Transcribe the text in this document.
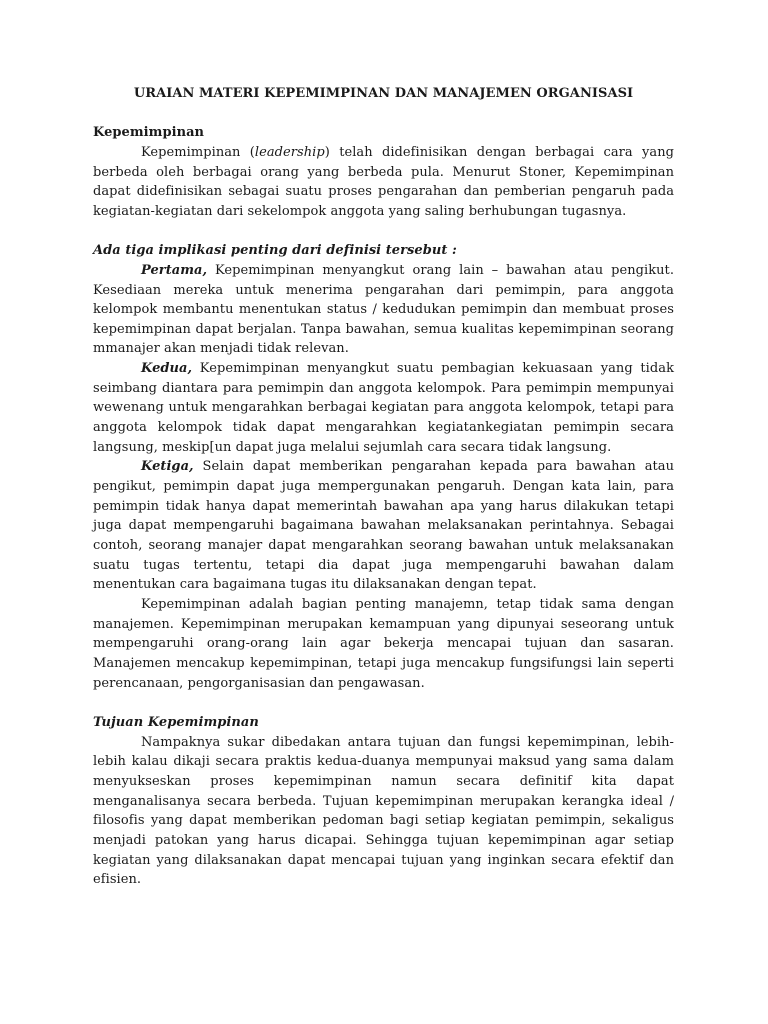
URAIAN MATERI KEPEMIMPINAN DAN MANAJEMEN ORGANISASI
Kepemimpinan

Kepemimpinan (leadership) telah didefinisikan dengan berbagai cara yang berbeda oleh berbagai orang yang berbeda pula. Menurut Stoner, Kepemimpinan dapat didefinisikan sebagai suatu proses pengarahan dan pemberian pengaruh pada kegiatan-kegiatan dari sekelompok anggota yang saling berhubungan tugasnya.

Ada tiga implikasi penting dari definisi tersebut :

Pertama, Kepemimpinan menyangkut orang lain – bawahan atau pengikut. Kesediaan mereka untuk menerima pengarahan dari pemimpin, para anggota kelompok membantu menentukan status / kedudukan pemimpin dan membuat proses kepemimpinan dapat berjalan. Tanpa bawahan, semua kualitas kepemimpinan seorang mmanajer akan menjadi tidak relevan.

Kedua, Kepemimpinan menyangkut suatu pembagian kekuasaan yang tidak seimbang diantara para pemimpin dan anggota kelompok. Para pemimpin mempunyai wewenang untuk mengarahkan berbagai kegiatan para anggota kelompok, tetapi para anggota kelompok tidak dapat mengarahkan kegiatankegiatan pemimpin secara langsung, meskip[un dapat juga melalui sejumlah cara secara tidak langsung.

Ketiga, Selain dapat memberikan pengarahan kepada para bawahan atau pengikut, pemimpin dapat juga mempergunakan pengaruh. Dengan kata lain, para pemimpin tidak hanya dapat memerintah bawahan apa yang harus dilakukan tetapi juga dapat mempengaruhi bagaimana bawahan melaksanakan perintahnya. Sebagai contoh, seorang manajer dapat mengarahkan seorang bawahan untuk melaksanakan suatu tugas tertentu, tetapi dia dapat juga mempengaruhi bawahan dalam menentukan cara bagaimana tugas itu dilaksanakan dengan tepat.

Kepemimpinan adalah bagian penting manajemn, tetap tidak sama dengan manajemen. Kepemimpinan merupakan kemampuan yang dipunyai seseorang untuk mempengaruhi orang-orang lain agar bekerja mencapai tujuan dan sasaran. Manajemen mencakup kepemimpinan, tetapi juga mencakup fungsifungsi lain seperti perencanaan, pengorganisasian dan pengawasan.

Tujuan Kepemimpinan

Nampaknya sukar dibedakan antara tujuan dan fungsi kepemimpinan, lebih-lebih kalau dikaji secara praktis kedua-duanya mempunyai maksud yang sama dalam menyukseskan proses kepemimpinan namun secara definitif kita dapat menganalisanya secara berbeda. Tujuan kepemimpinan merupakan kerangka ideal / filosofis yang dapat memberikan pedoman bagi setiap kegiatan pemimpin, sekaligus menjadi patokan yang harus dicapai. Sehingga tujuan kepemimpinan agar setiap kegiatan yang dilaksanakan dapat mencapai tujuan yang inginkan secara efektif dan efisien.
